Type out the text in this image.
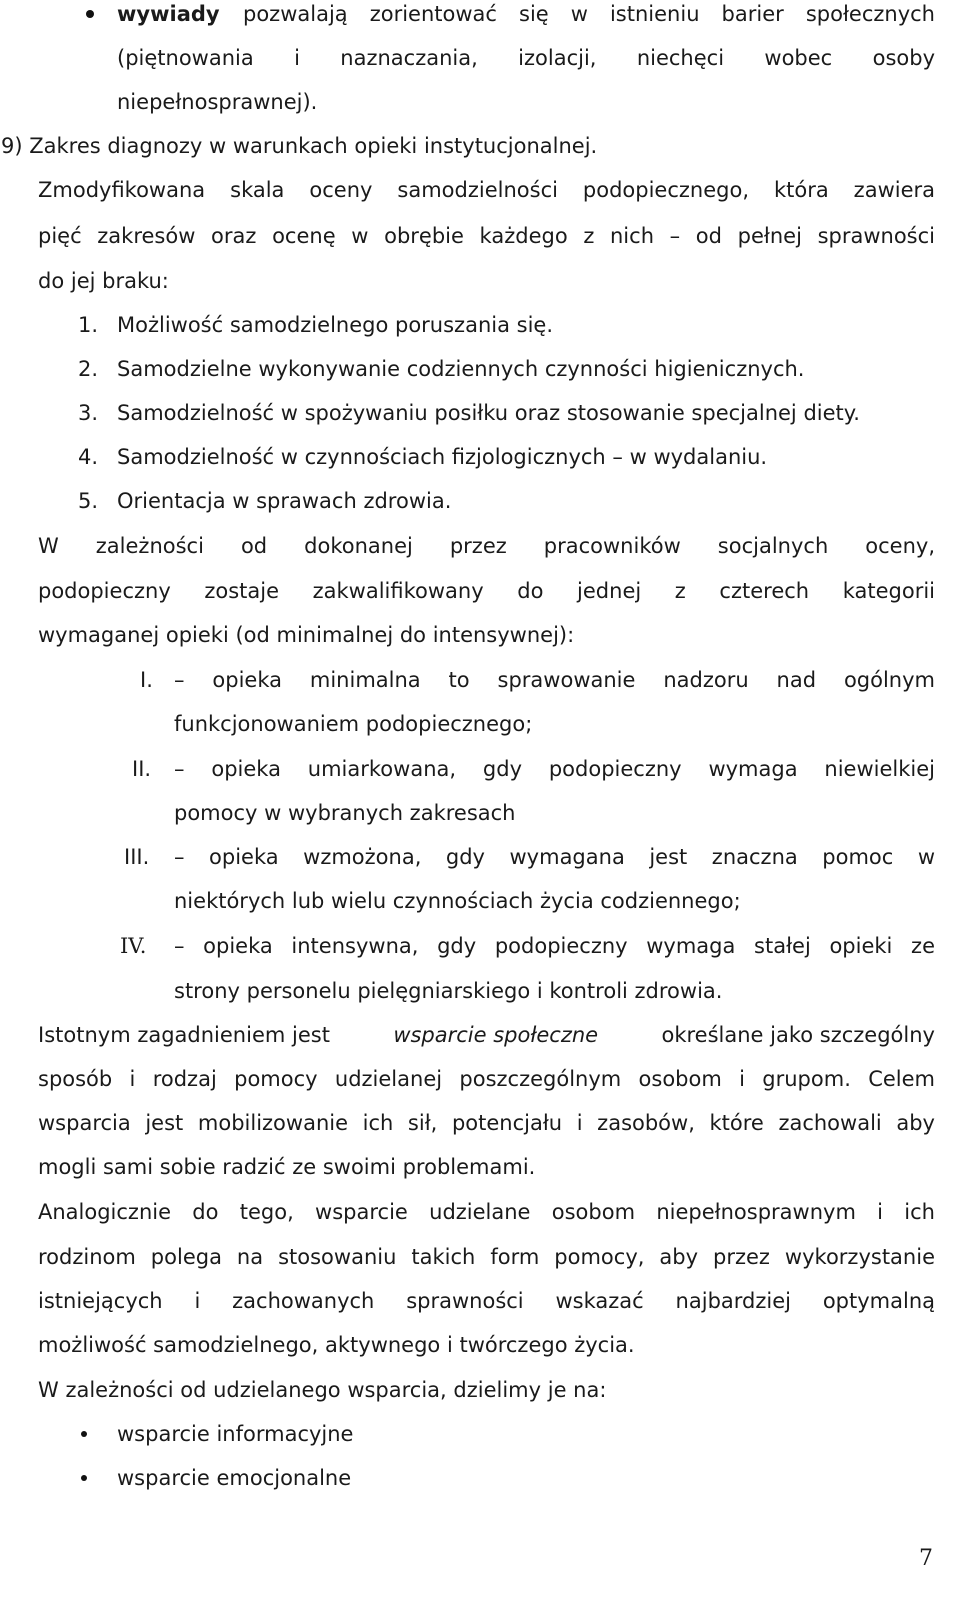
wywiady pozwalają zorientować się w istnieniu barier społecznych
(piętnowania i naznaczania, izolacji, niechęci wobec osoby
niepełnosprawnej).
9) Zakres diagnozy w warunkach opieki instytucjonalnej.
Zmodyfikowana skala oceny samodzielności podopiecznego, która zawiera
pięć zakresów oraz ocenę w obrębie każdego z nich – od pełnej sprawności
do jej braku:
1. Możliwość samodzielnego poruszania się.
2. Samodzielne wykonywanie codziennych czynności higienicznych.
3. Samodzielność w spożywaniu posiłku oraz stosowanie specjalnej diety.
4. Samodzielność w czynnościach fizjologicznych – w wydalaniu.
5. Orientacja w sprawach zdrowia.
W zależności od dokonanej przez pracowników socjalnych oceny,
podopieczny zostaje zakwalifikowany do jednej z czterech kategorii
wymaganej opieki (od minimalnej do intensywnej):
I. – opieka minimalna to sprawowanie nadzoru nad ogólnym
funkcjonowaniem podopiecznego;
II. – opieka umiarkowana, gdy podopieczny wymaga niewielkiej
pomocy w wybranych zakresach
III. – opieka wzmożona, gdy wymagana jest znaczna pomoc w
niektórych lub wielu czynnościach życia codziennego;
IV. – opieka intensywna, gdy podopieczny wymaga stałej opieki ze
strony personelu pielęgniarskiego i kontroli zdrowia.
Istotnym zagadnieniem jest	wsparcie społeczne	określane jako szczególny
sposób i rodzaj pomocy udzielanej poszczególnym osobom i grupom. Celem
wsparcia jest mobilizowanie ich sił, potencjału i zasobów, które zachowali aby
mogli sami sobie radzić ze swoimi problemami.
Analogicznie do tego, wsparcie udzielane osobom niepełnosprawnym i ich
rodzinom polega na stosowaniu takich form pomocy, aby przez wykorzystanie
istniejących i zachowanych sprawności wskazać najbardziej optymalną
możliwość samodzielnego, aktywnego i twórczego życia.
W zależności od udzielanego wsparcia, dzielimy je na:
wsparcie informacyjne
wsparcie emocjonalne
7
